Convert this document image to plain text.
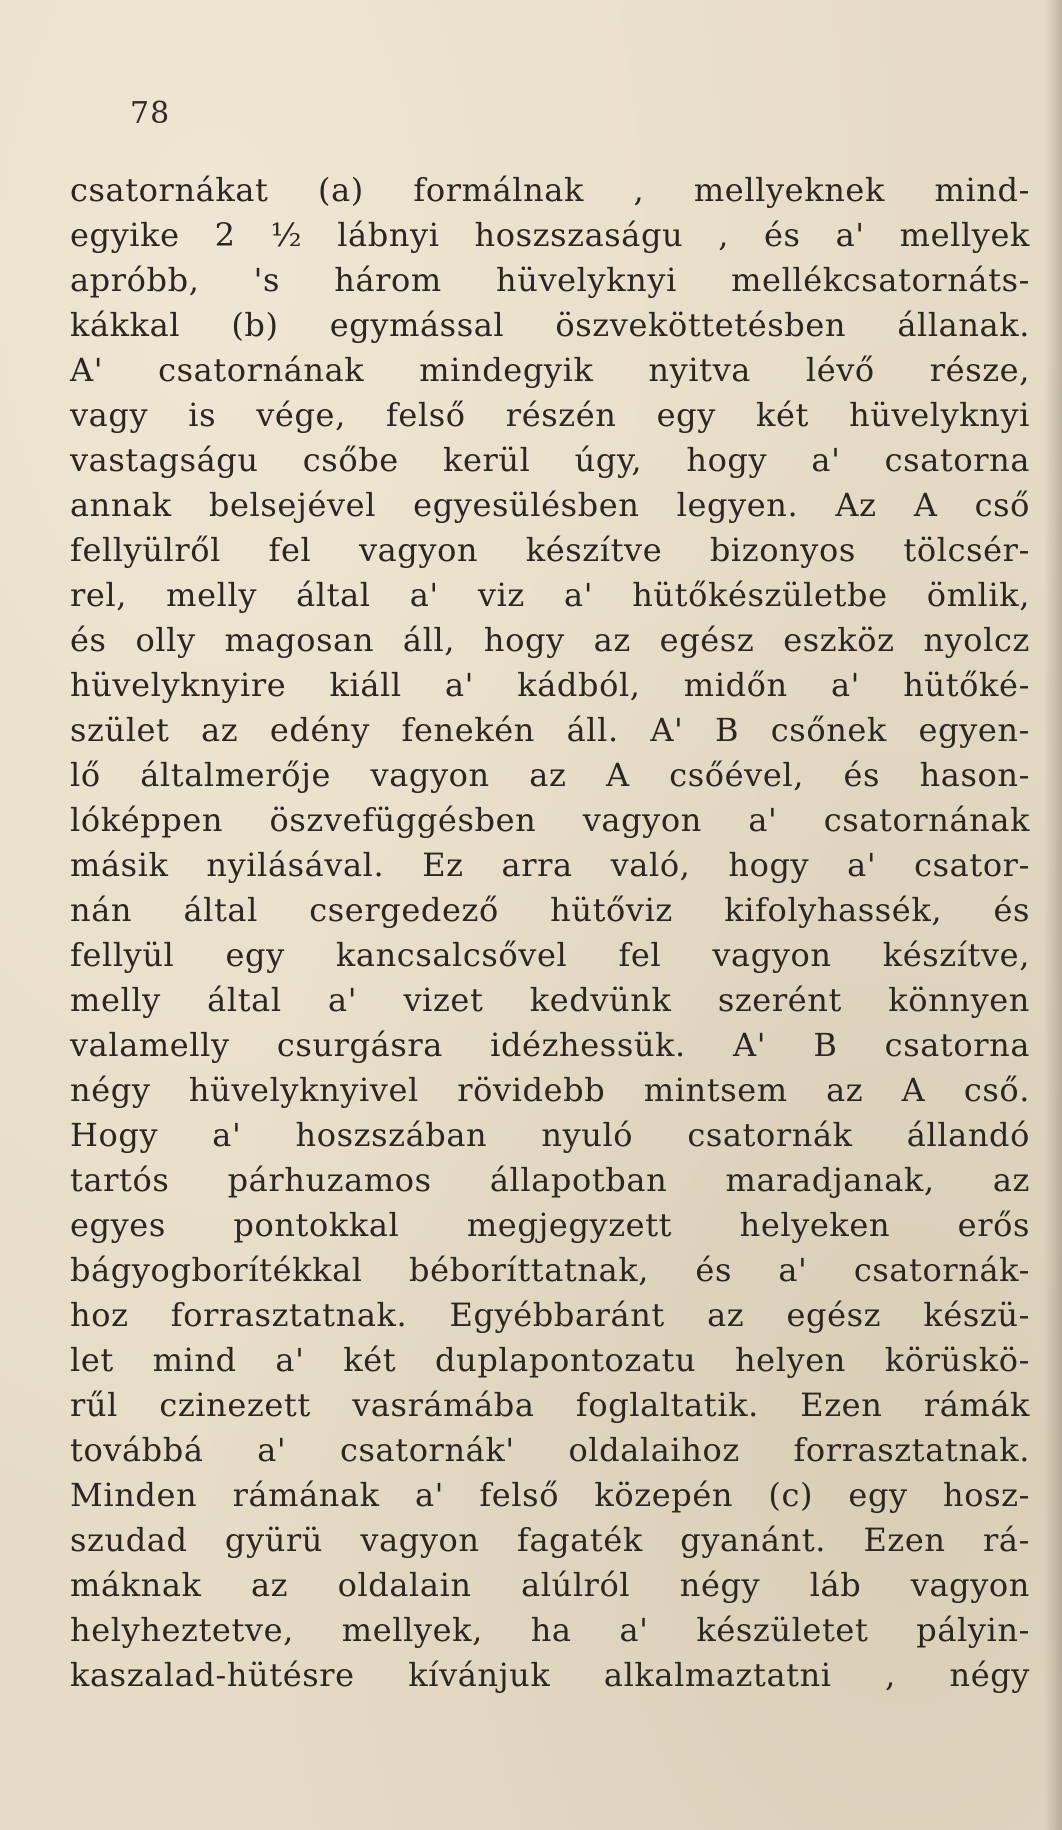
78
csatornákat (a) formálnak , mellyeknek mind-
egyike 2 ½ lábnyi hoszszaságu , és a' mellyek
apróbb, 's három hüvelyknyi mellékcsatornáts-
kákkal (b) egymással öszveköttetésben állanak.
A' csatornának mindegyik nyitva lévő része,
vagy is vége, felső részén egy két hüvelyknyi
vastagságu csőbe kerül úgy, hogy a' csatorna
annak belsejével egyesülésben legyen. Az A cső
fellyülről fel vagyon készítve bizonyos tölcsér-
rel, melly által a' viz a' hütőkészületbe ömlik,
és olly magosan áll, hogy az egész eszköz nyolcz
hüvelyknyire kiáll a' kádból, midőn a' hütőké-
szület az edény fenekén áll. A' B csőnek egyen-
lő általmerője vagyon az A csőével, és hason-
lóképpen öszvefüggésben vagyon a' csatornának
másik nyilásával. Ez arra való, hogy a' csator-
nán által csergedező hütőviz kifolyhassék, és
fellyül egy kancsalcsővel fel vagyon készítve,
melly által a' vizet kedvünk szerént könnyen
valamelly csurgásra idézhessük. A' B csatorna
négy hüvelyknyivel rövidebb mintsem az A cső.
Hogy a' hoszszában nyuló csatornák állandó
tartós párhuzamos állapotban maradjanak, az
egyes pontokkal megjegyzett helyeken erős
bágyogborítékkal béboríttatnak, és a' csatornák-
hoz forrasztatnak. Egyébbaránt az egész készü-
let mind a' két duplapontozatu helyen körüskö-
rűl czinezett vasrámába foglaltatik. Ezen rámák
továbbá a' csatornák' oldalaihoz forrasztatnak.
Minden rámának a' felső közepén (c) egy hosz-
szudad gyürü vagyon fagaték gyanánt. Ezen rá-
máknak az oldalain alúlról négy láb vagyon
helyheztetve, mellyek, ha a' készületet pályin-
kaszalad-hütésre kívánjuk alkalmaztatni , négy
